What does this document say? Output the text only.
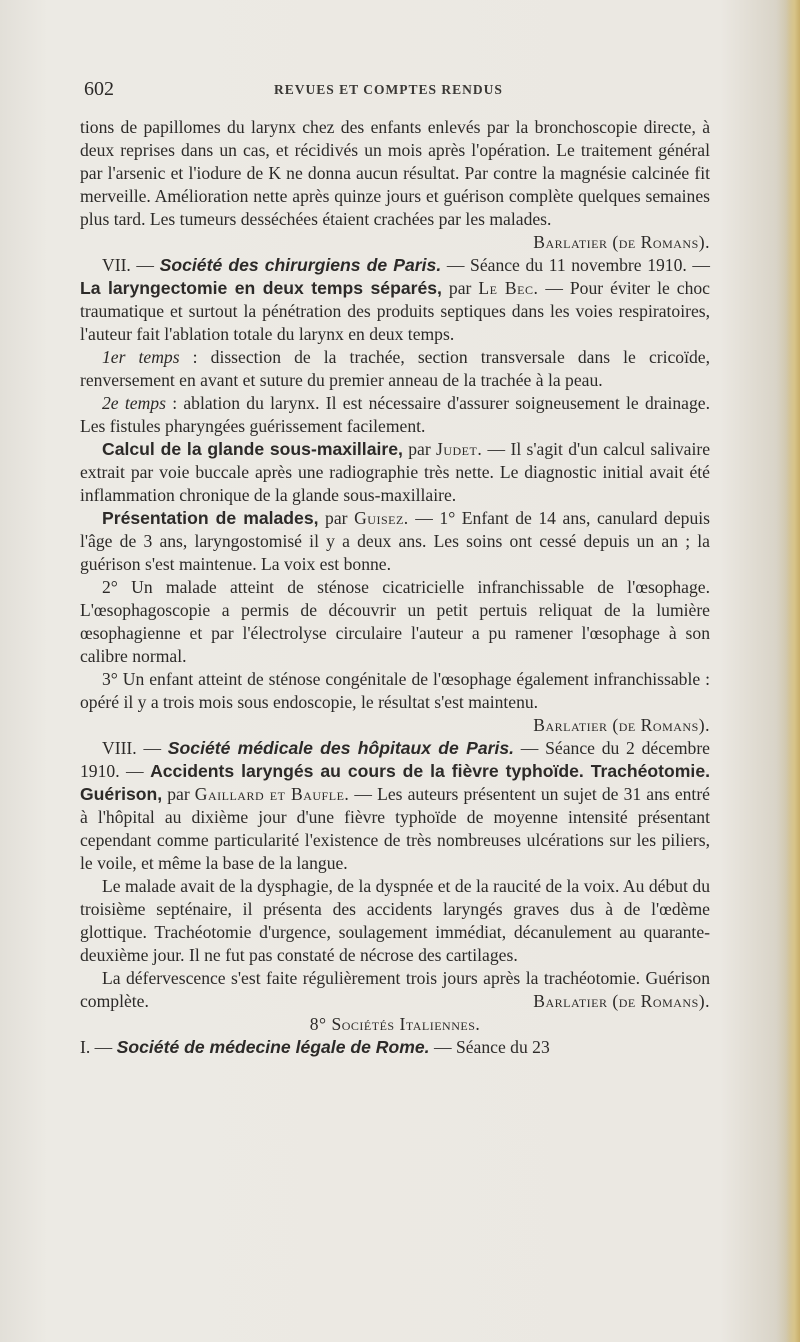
602	REVUES ET COMPTES RENDUS

tions de papillomes du larynx chez des enfants enlevés par la bronchoscopie directe, à deux reprises dans un cas, et récidivés un mois après l'opération. Le traitement général par l'arsenic et l'iodure de K ne donna aucun résultat. Par contre la magnésie calcinée fit merveille. Amélioration nette après quinze jours et guérison complète quelques semaines plus tard. Les tumeurs desséchées étaient crachées par les malades.
Barlatier (de Romans).

VII. — Société des chirurgiens de Paris. — Séance du 11 novembre 1910. — La laryngectomie en deux temps séparés, par Le Bec. — Pour éviter le choc traumatique et surtout la pénétration des produits septiques dans les voies respiratoires, l'auteur fait l'ablation totale du larynx en deux temps.

1er temps : dissection de la trachée, section transversale dans le cricoïde, renversement en avant et suture du premier anneau de la trachée à la peau.

2e temps : ablation du larynx. Il est nécessaire d'assurer soigneusement le drainage. Les fistules pharyngées guérissement facilement.

Calcul de la glande sous-maxillaire, par Judet. — Il s'agit d'un calcul salivaire extrait par voie buccale après une radiographie très nette. Le diagnostic initial avait été inflammation chronique de la glande sous-maxillaire.

Présentation de malades, par Guisez. — 1° Enfant de 14 ans, canulard depuis l'âge de 3 ans, laryngostomisé il y a deux ans. Les soins ont cessé depuis un an ; la guérison s'est maintenue. La voix est bonne.

2° Un malade atteint de sténose cicatricielle infranchissable de l'œsophage. L'œsophagoscopie a permis de découvrir un petit pertuis reliquat de la lumière œsophagienne et par l'électrolyse circulaire l'auteur a pu ramener l'œsophage à son calibre normal.

3° Un enfant atteint de sténose congénitale de l'œsophage également infranchissable : opéré il y a trois mois sous endoscopie, le résultat s'est maintenu.
Barlatier (de Romans).

VIII. — Société médicale des hôpitaux de Paris. — Séance du 2 décembre 1910. — Accidents laryngés au cours de la fièvre typhoïde. Trachéotomie. Guérison, par Gaillard et Baufle. — Les auteurs présentent un sujet de 31 ans entré à l'hôpital au dixième jour d'une fièvre typhoïde de moyenne intensité présentant cependant comme particularité l'existence de très nombreuses ulcérations sur les piliers, le voile, et même la base de la langue.

Le malade avait de la dysphagie, de la dyspnée et de la raucité de la voix. Au début du troisième septénaire, il présenta des accidents laryngés graves dus à de l'œdème glottique. Trachéotomie d'urgence, soulagement immédiat, décanulement au quarante-deuxième jour. Il ne fut pas constaté de nécrose des cartilages.

La défervescence s'est faite régulièrement trois jours après la trachéotomie. Guérison complète.	Barlatier (de Romans).

8° Sociétés Italiennes.

I. — Société de médecine légale de Rome. — Séance du 23
